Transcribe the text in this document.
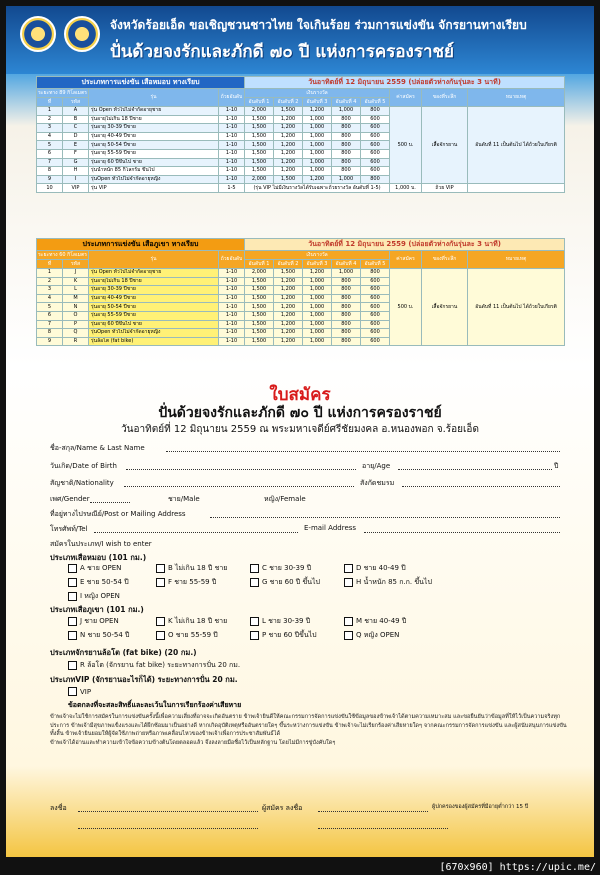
จังหวัดร้อยเอ็ด ขอเชิญชวนชาวไทย ใจเกินร้อย ร่วมการแข่งขัน จักรยานทางเรียบ
ปั่นด้วยจงรักและภักดี ๗๐ ปี แห่งการครองราชย์
ประเภทการแข่งขัน เสือหมอบ ทางเรียบ				วันอาทิตย์ที่ 12 มิถุนายน 2559 (ปล่อยตัวห่างกันรุ่นละ 3 นาที)							
ระยะทาง 89 กิโลเมตร		รุ่น	ถ้วยอันดับ	เงินรางวัล					ค่าสมัคร	ของที่ระลึก	หมายเหตุ
ที่	รหัส			อันดับที่ 1	อันดับที่ 2	อันดับที่ 3	อันดับที่ 4	อันดับที่ 5			
1	A	รุ่น Open ทั่วไปไม่จำกัดอายุชาย	1-10	2,000	1,500	1,200	1,000	800	500 บ.	เสื้อจักรยาน	อันดับที่ 11 เป็นต้นไป ได้ถ้วยใบเกียรติ
2	B	รุ่นอายุไม่เกิน 18 ปีชาย	1-10	1,500	1,200	1,000	800	600			
3	C	รุ่นอายุ 30-39 ปีชาย	1-10	1,500	1,200	1,000	800	600			
4	D	รุ่นอายุ 40-49 ปีชาย	1-10	1,500	1,200	1,000	800	600			
5	E	รุ่นอายุ 50-54 ปีชาย	1-10	1,500	1,200	1,000	800	600			
6	F	รุ่นอายุ 55-59 ปีชาย	1-10	1,500	1,200	1,000	800	600			
7	G	รุ่นอายุ 60 ปีขึ้นไป ชาย	1-10	1,500	1,200	1,000	800	600			
8	H	รุ่นน้ำหนัก 85 กิโลกรัม ขึ้นไป	1-10	1,500	1,200	1,000	800	600			
9	I	รุ่นOpen ทั่วไปไม่จำกัดอายุหญิง	1-10	2,000	1,500	1,200	1,000	800			
10	VIP	รุ่น VIP	1-5	(รุ่น VIP ไม่มีเงินรางวัลได้รับเฉพาะถ้วยรางวัล อันดับที่ 1-5)					1,000 บ.	ถ้วย VIP	
ประเภทการแข่งขัน เสือภูเขา ทางเรียบ				วันอาทิตย์ที่ 12 มิถุนายน 2559 (ปล่อยตัวห่างกันรุ่นละ 3 นาที)							
ระยะทาง 60 กิโลเมตร		รุ่น	ถ้วยอันดับ	เงินรางวัล					ค่าสมัคร	ของที่ระลึก	หมายเหตุ
ที่	รหัส			อันดับที่ 1	อันดับที่ 2	อันดับที่ 3	อันดับที่ 4	อันดับที่ 5			
1	J	รุ่น Open ทั่วไปไม่จำกัดอายุชาย	1-10	2,000	1,500	1,200	1,000	800	500 บ.	เสื้อจักรยาน	อันดับที่ 11 เป็นต้นไป ได้ถ้วยใบเกียรติ
2	K	รุ่นอายุไม่เกิน 18 ปีชาย	1-10	1,500	1,200	1,000	800	600			
3	L	รุ่นอายุ 30-39 ปีชาย	1-10	1,500	1,200	1,000	800	600			
4	M	รุ่นอายุ 40-49 ปีชาย	1-10	1,500	1,200	1,000	800	600			
5	N	รุ่นอายุ 50-54 ปีชาย	1-10	1,500	1,200	1,000	800	600			
6	O	รุ่นอายุ 55-59 ปีชาย	1-10	1,500	1,200	1,000	800	600			
7	P	รุ่นอายุ 60 ปีขึ้นไป ชาย	1-10	1,500	1,200	1,000	800	600			
8	Q	รุ่นOpen ทั่วไปไม่จำกัดอายุหญิง	1-10	1,500	1,200	1,000	800	600			
9	R	รุ่นล้อโต (fat bike)	1-10	1,500	1,200	1,000	800	600			
ใบสมัคร
ปั่นด้วยจงรักและภักดี ๗๐ ปี แห่งการครองราชย์
วันอาทิตย์ที่ 12 มิถุนายน 2559 ณ พระมหาเจดีย์ศรีชัยมงคล อ.หนองพอก จ.ร้อยเอ็ด
ชื่อ-สกุล/Name & Last Name
วันเกิด/Date of Birth	อายุ/Age	ปี
สัญชาติ/Nationality	สังกัดชมรม
เพศ/Gender	ชาย/Male	หญิง/Female
ที่อยู่ทางไปรษณีย์/Post or Mailing Address
โทรศัพท์/Tel	E-mail Address
สมัครในประเภท/I wish to enter
ประเภทเสือหมอบ (101 กม.)
A ชาย OPEN	B ไม่เกิน 18 ปี ชาย	C ชาย 30-39 ปี	D ชาย 40-49 ปี
E ชาย 50-54 ปี	F ชาย 55-59 ปี	G ชาย 60 ปี ขึ้นไป	H น้ำหนัก 85 ก.ก. ขึ้นไป
I หญิง OPEN
ประเภทเสือภูเขา (101 กม.)
J ชาย OPEN	K ไม่เกิน 18 ปี ชาย	L ชาย 30-39 ปี	M ชาย 40-49 ปี
N ชาย 50-54 ปี	O ชาย 55-59 ปี	P ชาย 60 ปีขึ้นไป	Q หญิง OPEN
ประเภทจักรยานล้อโต (fat bike) (20 กม.)
R ล้อโต (จักรยาน fat bike) ระยะทางการปั่น 20 กม.
ประเภทVIP (จักรยานอะไรก็ได้) ระยะทางการปั่น 20 กม.
VIP
ข้อตกลงที่จะสละสิทธิ์และละเว้นในการเรียกร้องค่าเสียหาย
ข้าพเจ้าจะไม่ใช้การสมัครในการแข่งขันครั้งนี้เพื่อความเสี่ยงที่อาจจะเกิดอันตราย ข้าพเจ้ายินดีให้คณะกรรมการจัดการแข่งขันใช้ข้อมูลของข้าพเจ้าได้ตามความเหมาะสม และขอยืนยันว่าข้อมูลที่ให้ไว้เป็นความจริงทุกประการ ข้าพเจ้ามีสุขภาพแข็งแรงและได้ฝึกซ้อมมาเป็นอย่างดี หากเกิดอุบัติเหตุหรืออันตรายใดๆ ขึ้นระหว่างการแข่งขัน ข้าพเจ้าจะไม่เรียกร้องค่าเสียหายใดๆ จากคณะกรรมการจัดการแข่งขัน และผู้สนับสนุนการแข่งขันทั้งสิ้น ข้าพเจ้ายินยอมให้ผู้จัดใช้ภาพถ่ายหรือภาพเคลื่อนไหวของข้าพเจ้าเพื่อการประชาสัมพันธ์ได้
ข้าพเจ้าได้อ่านและทำความเข้าใจข้อความข้างต้นโดยตลอดแล้ว จึงลงลายมือชื่อไว้เป็นหลักฐาน โดยไม่มีการขู่บังคับใดๆ
ลงชื่อ	ผู้สมัคร ลงชื่อ	ผู้ปกครองของผู้สมัครที่มีอายุต่ำกว่า 15 ปี
[670x960] https://upic.me/
